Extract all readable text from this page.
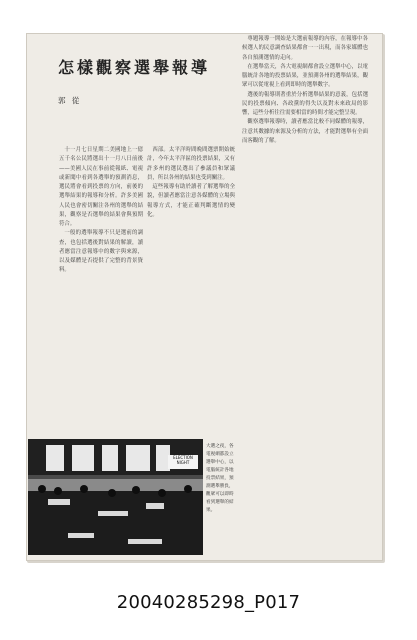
怎樣觀察選舉報導
郭 從

十一月七日星期二美國地上一億五千名公民將選出十一月八日前後——美國人民在事前從報紙、電視或新聞中看到各選舉的預測消息，選民將會看到投票的方向，前後的選舉結果的報導和分析。許多美國人民也會密切關注各州的選舉的結果，觀察是否選舉的結果會與預期符合。

一般的選舉報導不只是選前的調查，也包括選後對結果的解讀，讀者應當注意報導中的數字與來源，以及媒體是否提供了完整的背景資料。

西部。太平洋時間晚間選票開始統計，今年太平洋區的投票結果，又有許多州的選民選出了參議員和眾議員，所以各州的結果也受到關注。

這些報導有助於讀者了解選舉的全貌，但讀者應當注意各媒體的立場與報導方式，才能正確判斷選情的變化。

專題報導一開始是大選前報導的內容，在報導中各候選人的民意調查結果都會一一出現，而各家媒體也各自預測選情的走向。

在選舉當天，各大電視網都會設立選舉中心，以電腦統計各地的投票結果，並預測各州的選舉結果，觀眾可以從電視上看到即時的選舉數字。

選後的報導則著重於分析選舉結果的意義，包括選民的投票傾向、各政黨的得失以及對未來政局的影響，這些分析往往需要相當的時間才能完整呈現。

觀察選舉報導時，讀者應當比較不同媒體的報導，注意其數據的來源及分析的方法，才能對選舉有全面而客觀的了解。

ELECTION NIGHT
大選之夜，各電視網都設立選舉中心，以電腦統計各地投票結果，預測選舉勝負，觀眾可以即時看到選舉的結果。
20040285298_P017
